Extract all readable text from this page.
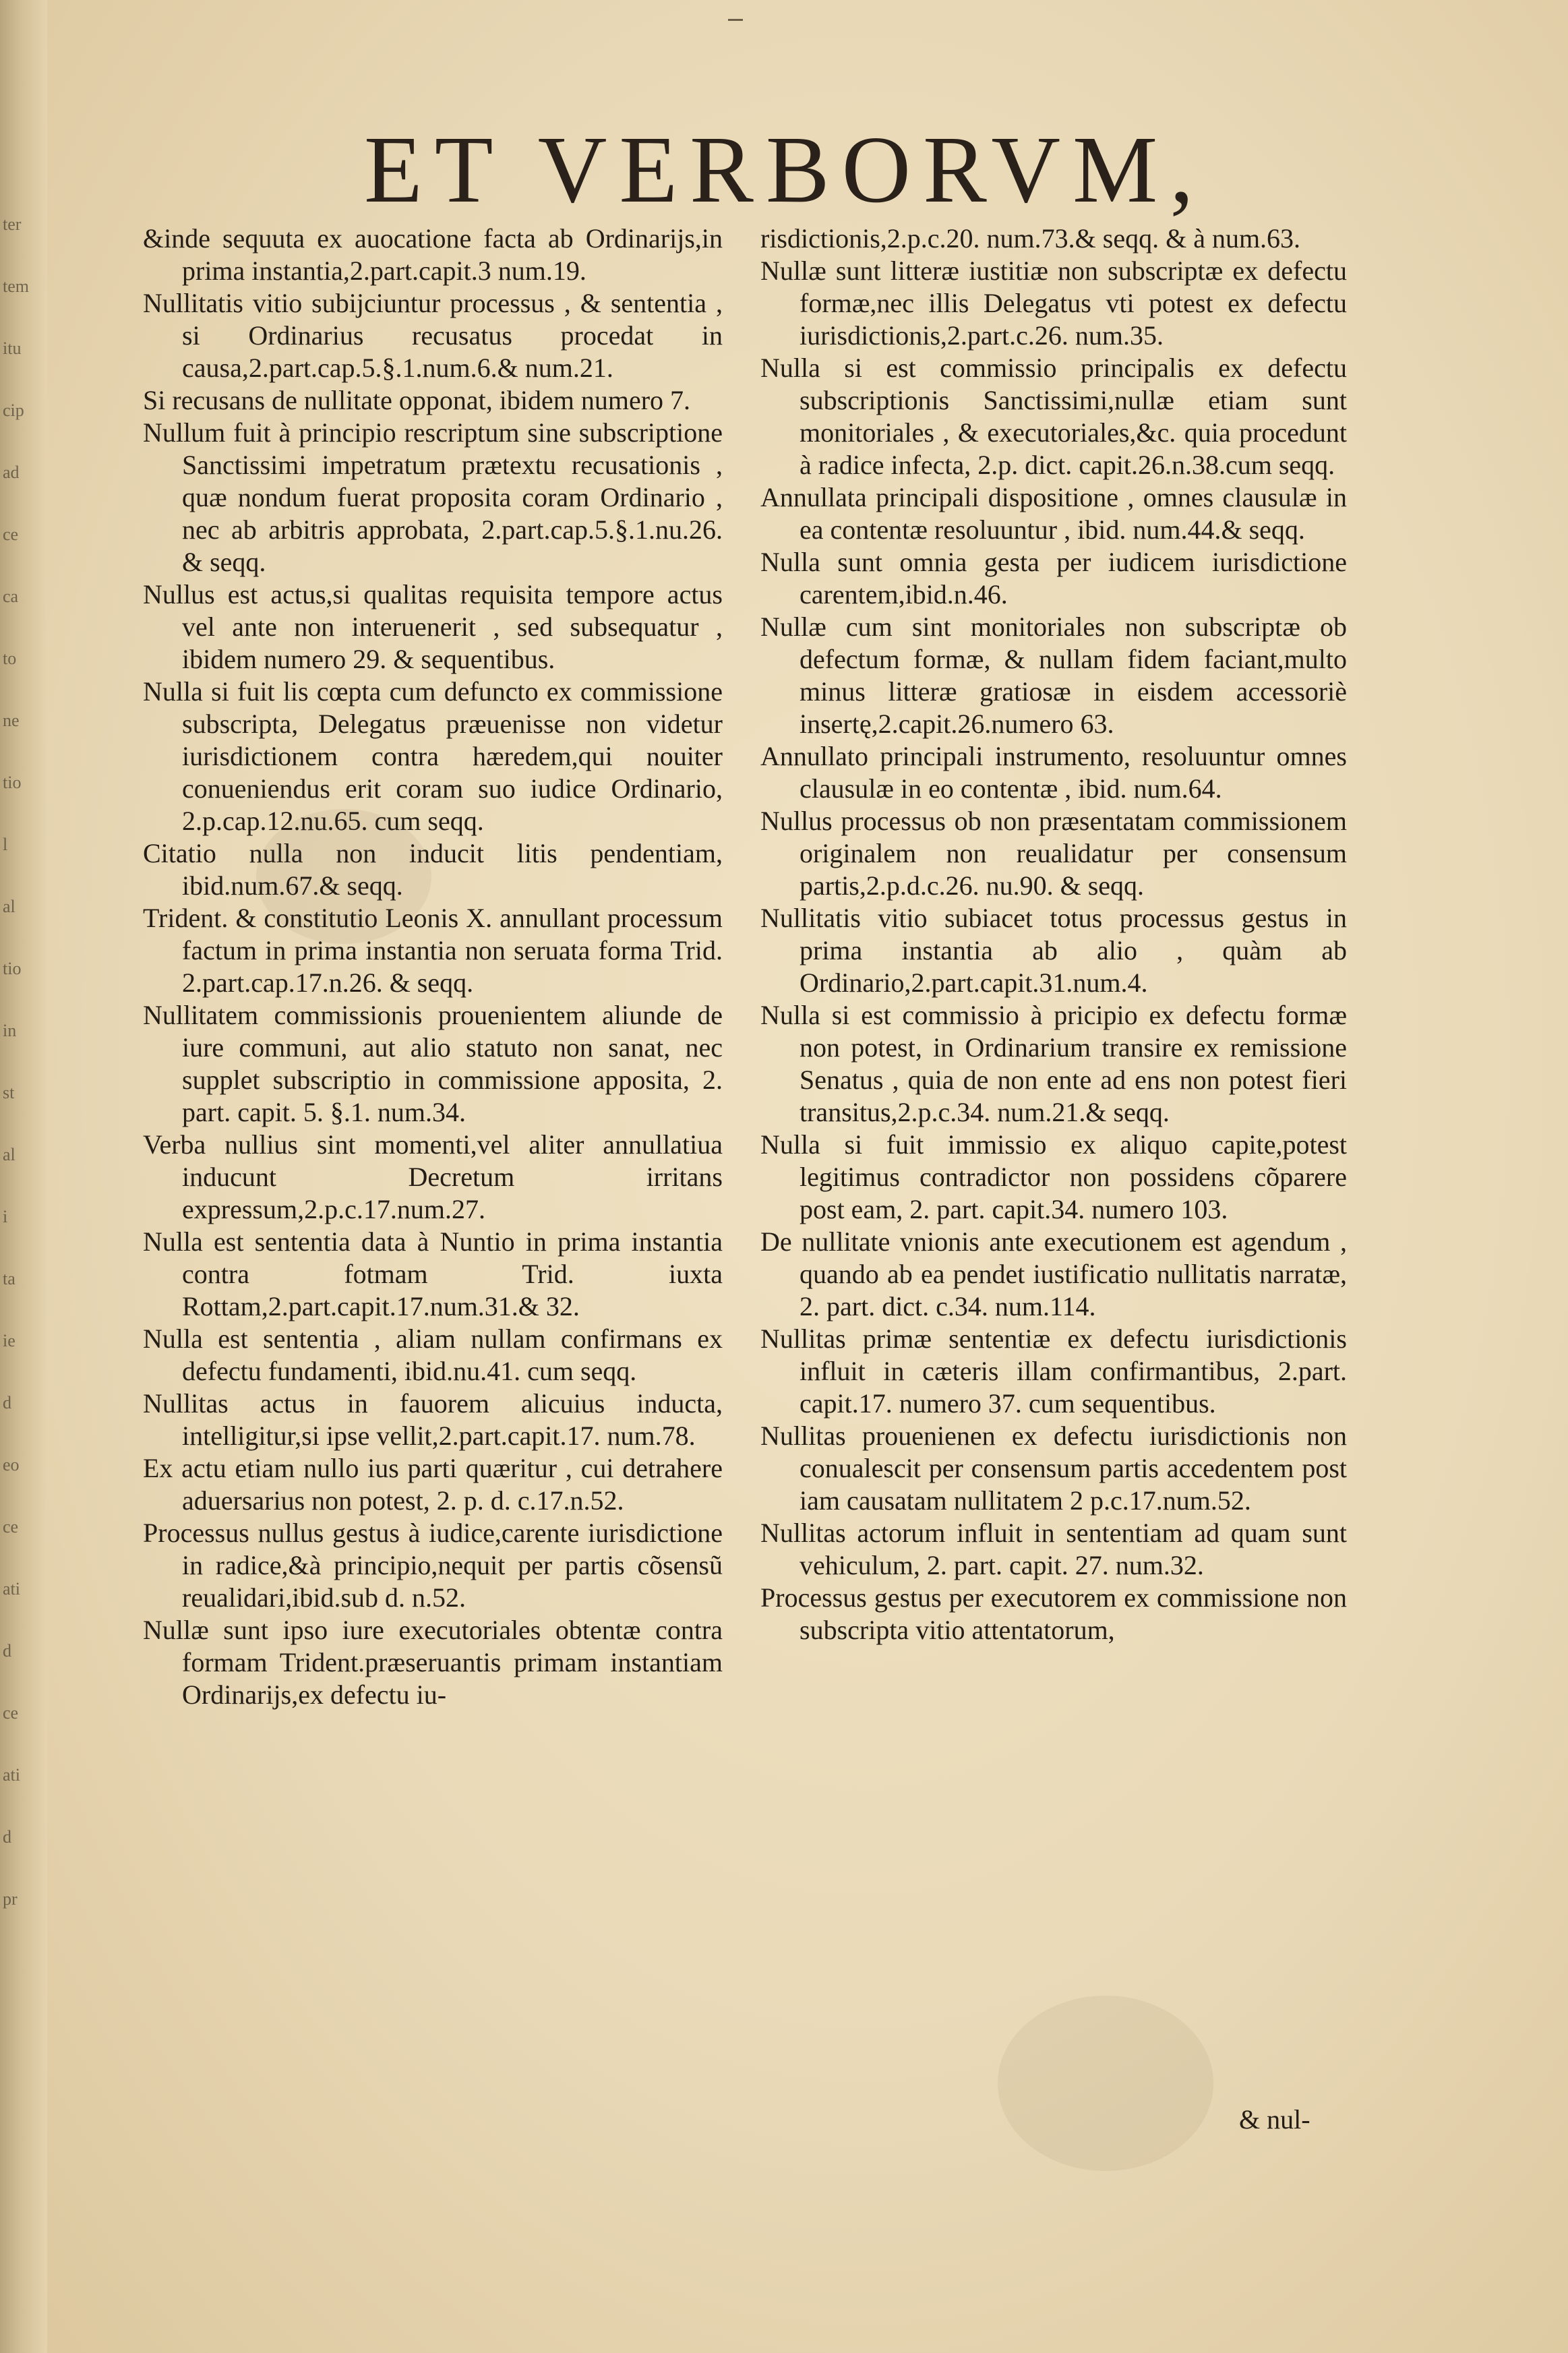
ter
tem
itu
cip
ad
ce
ca
to
ne
tio
l
al
tio
in
st
al
i
ta
ie
d
eo
ce
ati
d
ce
ati
d
pr
ET VERBORVM,

&inde sequuta ex auocatione facta ab Ordinarijs,in prima instantia,2.part.capit.3 num.19.

Nullitatis vitio subijciuntur processus , & sententia , si Ordinarius recusatus procedat in causa,2.part.cap.5.§.1.num.6.& num.21.

Si recusans de nullitate opponat, ibidem numero 7.

Nullum fuit à principio rescriptum sine subscriptione Sanctissimi impetratum prætextu recusationis , quæ nondum fuerat proposita coram Ordinario , nec ab arbitris approbata, 2.part.cap.5.§.1.nu.26. & seqq.

Nullus est actus,si qualitas requisita tempore actus vel ante non interuenerit , sed subsequatur , ibidem numero 29. & sequentibus.

Nulla si fuit lis cœpta cum defuncto ex commissione subscripta, Delegatus præuenisse non videtur iurisdictionem contra hæredem,qui nouiter conueniendus erit coram suo iudice Ordinario, 2.p.cap.12.nu.65. cum seqq.

Citatio nulla non inducit litis pendentiam, ibid.num.67.& seqq.

Trident. & constitutio Leonis X. annullant processum factum in prima instantia non seruata forma Trid. 2.part.cap.17.n.26. & seqq.

Nullitatem commissionis prouenientem aliunde de iure communi, aut alio statuto non sanat, nec supplet subscriptio in commissione apposita, 2. part. capit. 5. §.1. num.34.

Verba nullius sint momenti,vel aliter annullatiua inducunt Decretum irritans expressum,2.p.c.17.num.27.

Nulla est sententia data à Nuntio in prima instantia contra fotmam Trid. iuxta Rottam,2.part.capit.17.num.31.& 32.

Nulla est sententia , aliam nullam confirmans ex defectu fundamenti, ibid.nu.41. cum seqq.

Nullitas actus in fauorem alicuius inducta, intelligitur,si ipse vellit,2.part.capit.17. num.78.

Ex actu etiam nullo ius parti quæritur , cui detrahere aduersarius non potest, 2. p. d. c.17.n.52.

Processus nullus gestus à iudice,carente iurisdictione in radice,&à principio,nequit per partis cõsensũ reualidari,ibid.sub d. n.52.

Nullæ sunt ipso iure executoriales obtentæ contra formam Trident.præseruantis primam instantiam Ordinarijs,ex defectu iu-

risdictionis,2.p.c.20. num.73.& seqq. & à num.63.

Nullæ sunt litteræ iustitiæ non subscriptæ ex defectu formæ,nec illis Delegatus vti potest ex defectu iurisdictionis,2.part.c.26. num.35.

Nulla si est commissio principalis ex defectu subscriptionis Sanctissimi,nullæ etiam sunt monitoriales , & executoriales,&c. quia procedunt à radice infecta, 2.p. dict. capit.26.n.38.cum seqq.

Annullata principali dispositione , omnes clausulæ in ea contentæ resoluuntur , ibid. num.44.& seqq.

Nulla sunt omnia gesta per iudicem iurisdictione carentem,ibid.n.46.

Nullæ cum sint monitoriales non subscriptæ ob defectum formæ, & nullam fidem faciant,multo minus litteræ gratiosæ in eisdem accessoriè insertę,2.capit.26.numero 63.

Annullato principali instrumento, resoluuntur omnes clausulæ in eo contentæ , ibid. num.64.

Nullus processus ob non præsentatam commissionem originalem non reualidatur per consensum partis,2.p.d.c.26. nu.90. & seqq.

Nullitatis vitio subiacet totus processus gestus in prima instantia ab alio , quàm ab Ordinario,2.part.capit.31.num.4.

Nulla si est commissio à pricipio ex defectu formæ non potest, in Ordinarium transire ex remissione Senatus , quia de non ente ad ens non potest fieri transitus,2.p.c.34. num.21.& seqq.

Nulla si fuit immissio ex aliquo capite,potest legitimus contradictor non possidens cõparere post eam, 2. part. capit.34. numero 103.

De nullitate vnionis ante executionem est agendum , quando ab ea pendet iustificatio nullitatis narratæ, 2. part. dict. c.34. num.114.

Nullitas primæ sententiæ ex defectu iurisdictionis influit in cæteris illam confirmantibus, 2.part. capit.17. numero 37. cum sequentibus.

Nullitas prouenienen ex defectu iurisdictionis non conualescit per consensum partis accedentem post iam causatam nullitatem 2 p.c.17.num.52.

Nullitas actorum influit in sententiam ad quam sunt vehiculum, 2. part. capit. 27. num.32.

Processus gestus per executorem ex commissione non subscripta vitio attentatorum,

& nul-
